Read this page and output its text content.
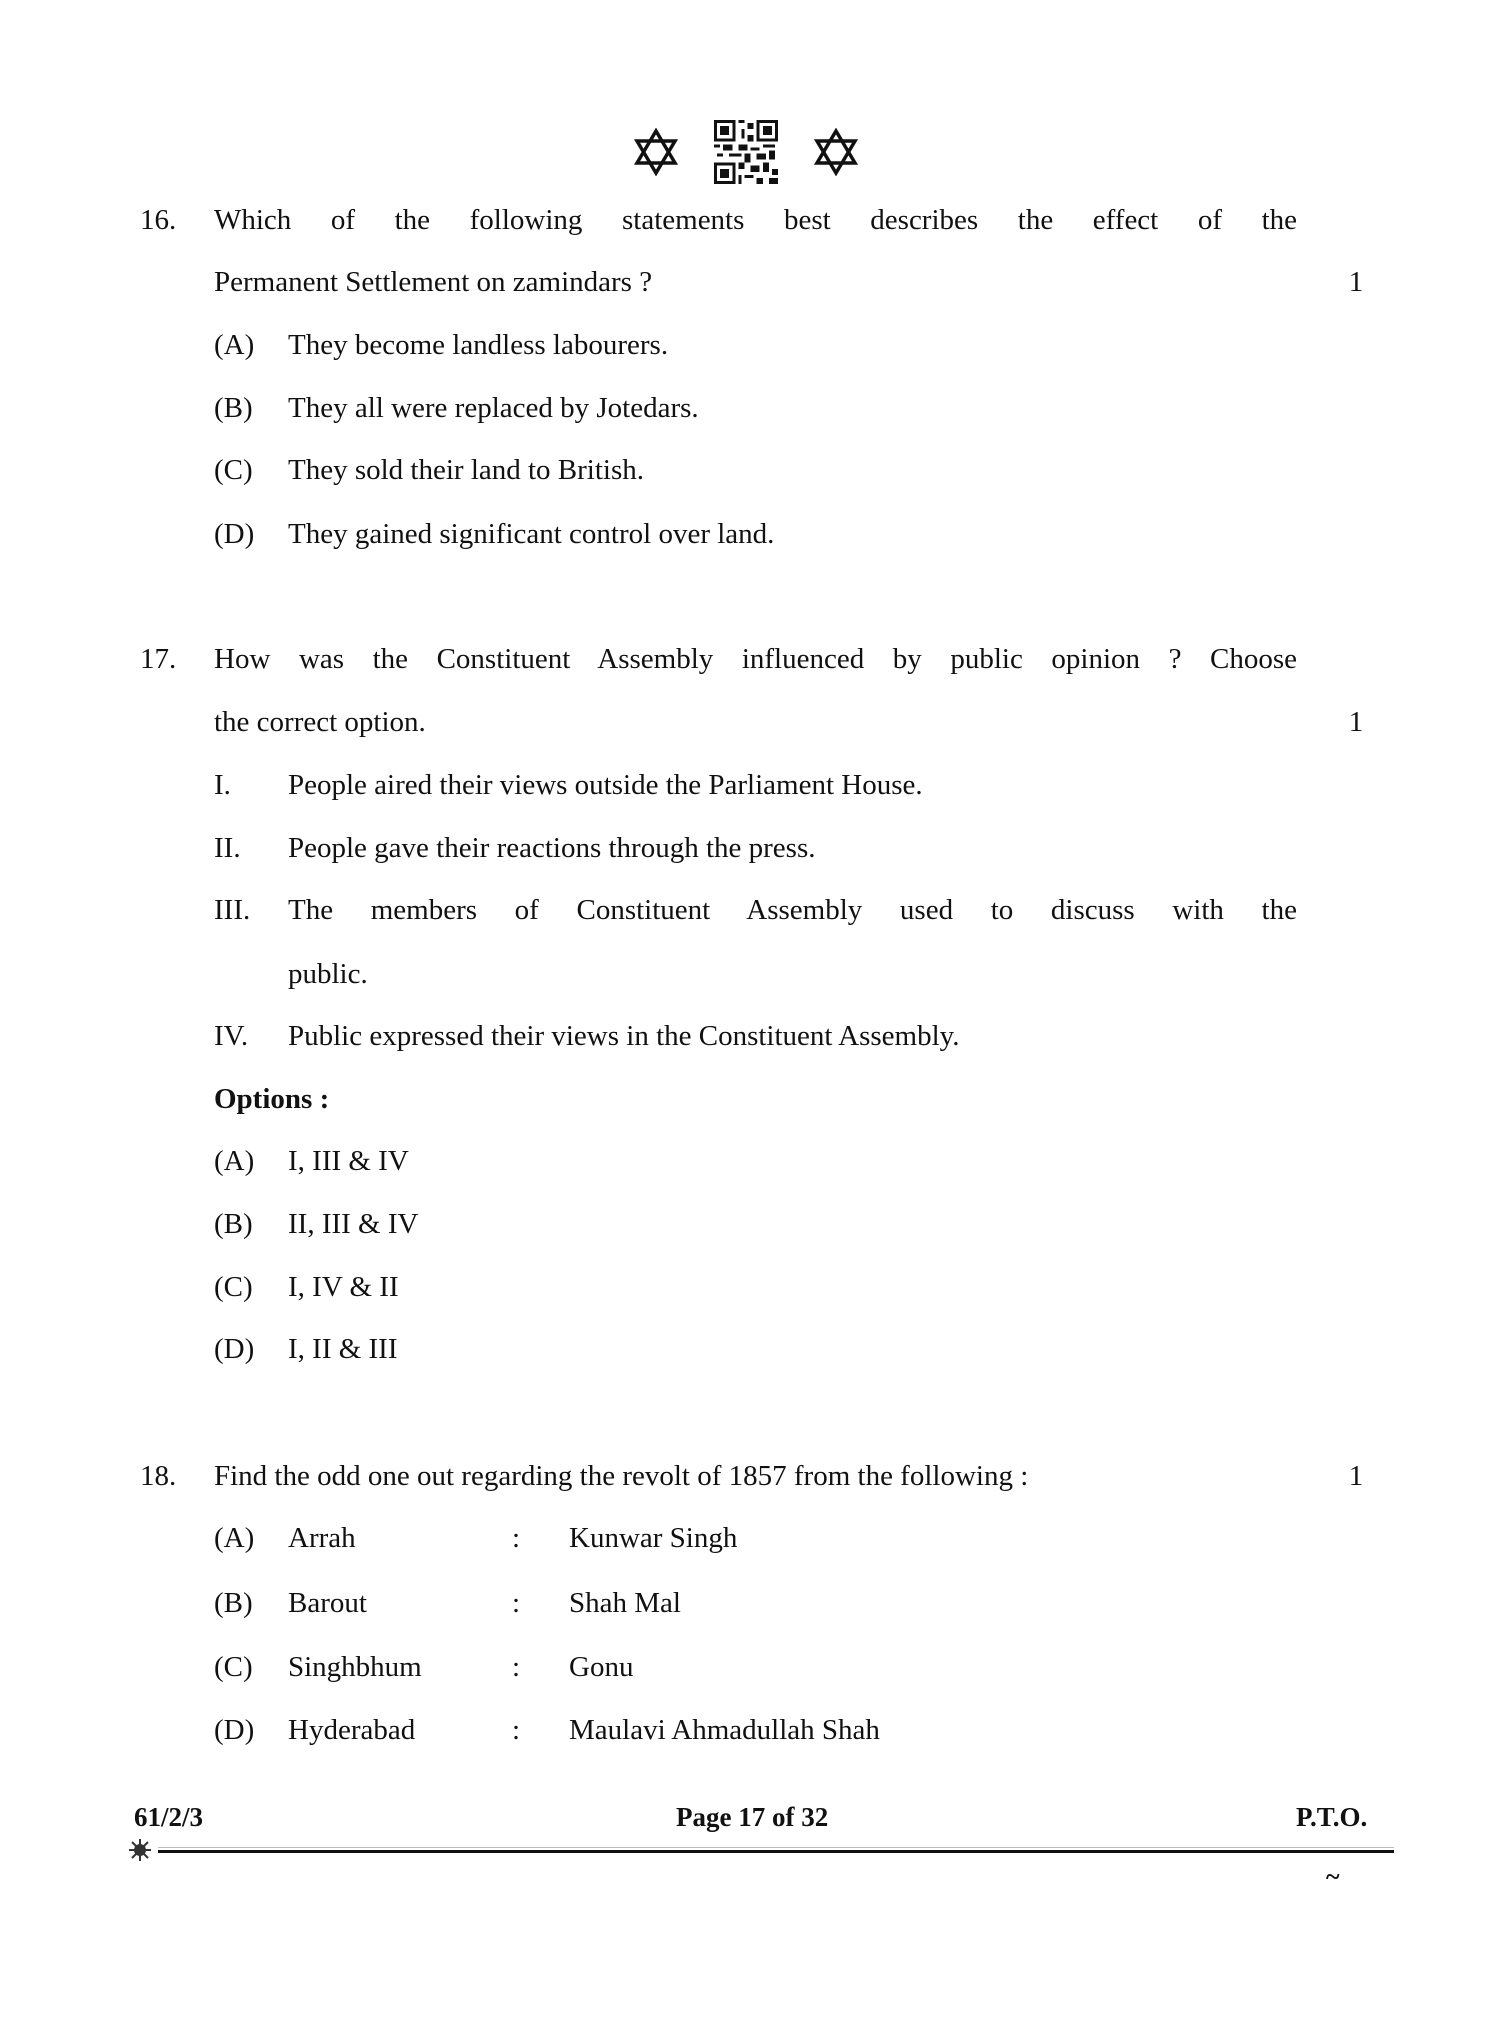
16. Which of the following statements best describes the effect of the
Permanent Settlement on zamindars ?	1
(A) They become landless labourers.
(B) They all were replaced by Jotedars.
(C) They sold their land to British.
(D) They gained significant control over land.
17. How was the Constituent Assembly influenced by public opinion ? Choose
the correct option.	1
I. People aired their views outside the Parliament House.
II. People gave their reactions through the press.
III. The members of Constituent Assembly used to discuss with the
public.
IV. Public expressed their views in the Constituent Assembly.
Options :
(A) I, III & IV
(B) II, III & IV
(C) I, IV & II
(D) I, II & III
18. Find the odd one out regarding the revolt of 1857 from the following :	1
(A) Arrah	: Kunwar Singh
(B) Barout	: Shah Mal
(C) Singhbhum	: Gonu
(D) Hyderabad	: Maulavi Ahmadullah Shah
61/2/3	Page 17 of 32	P.T.O.
~
